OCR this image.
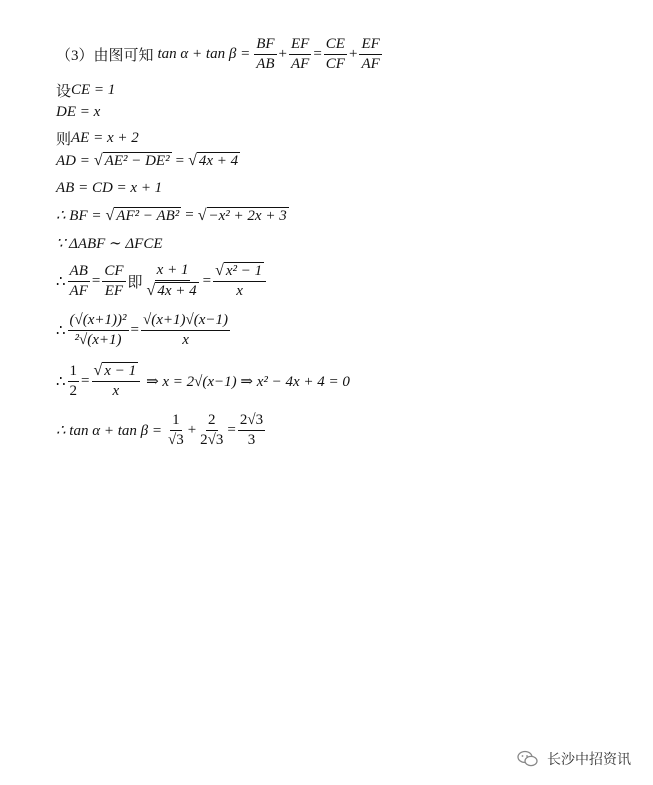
（3）由图可知 $\tan \alpha + \tan \beta = \frac{BF}{AB} + \frac{EF}{AF} = \frac{CE}{CF} + \frac{EF}{AF}$
设 CE = 1
DE = x
则 AE = x + 2
AD = √ AE² − DE² = √ 4x + 4
AB = CD = x + 1
∴ BF = √ AF² − AB² = √ −x² + 2x + 3
∵ ΔABF ∼ ΔFCE
∴ $\frac{AB}{AF} = \frac{CF}{EF}$ 即 $\frac{x + 1}{√ 4x + 4} = \frac{\text{√ x² − 1}}{x}$
∴ $\frac{\text{(√(x+1))²}}{\text{²√(x+1)}} = \frac{√(x+1)√(x-1)}{x}$
∴ $\frac{1}{2} = \frac{√ x - 1}{x}$ ⇒ x = 2√(x−1) ⇒ x² − 4x + 4 = 0
∴ $\tan \alpha + \tan \beta = \frac{1}{√3} + \frac{2}{2√3} = \frac{2√3}{3}$
长沙中招资讯
